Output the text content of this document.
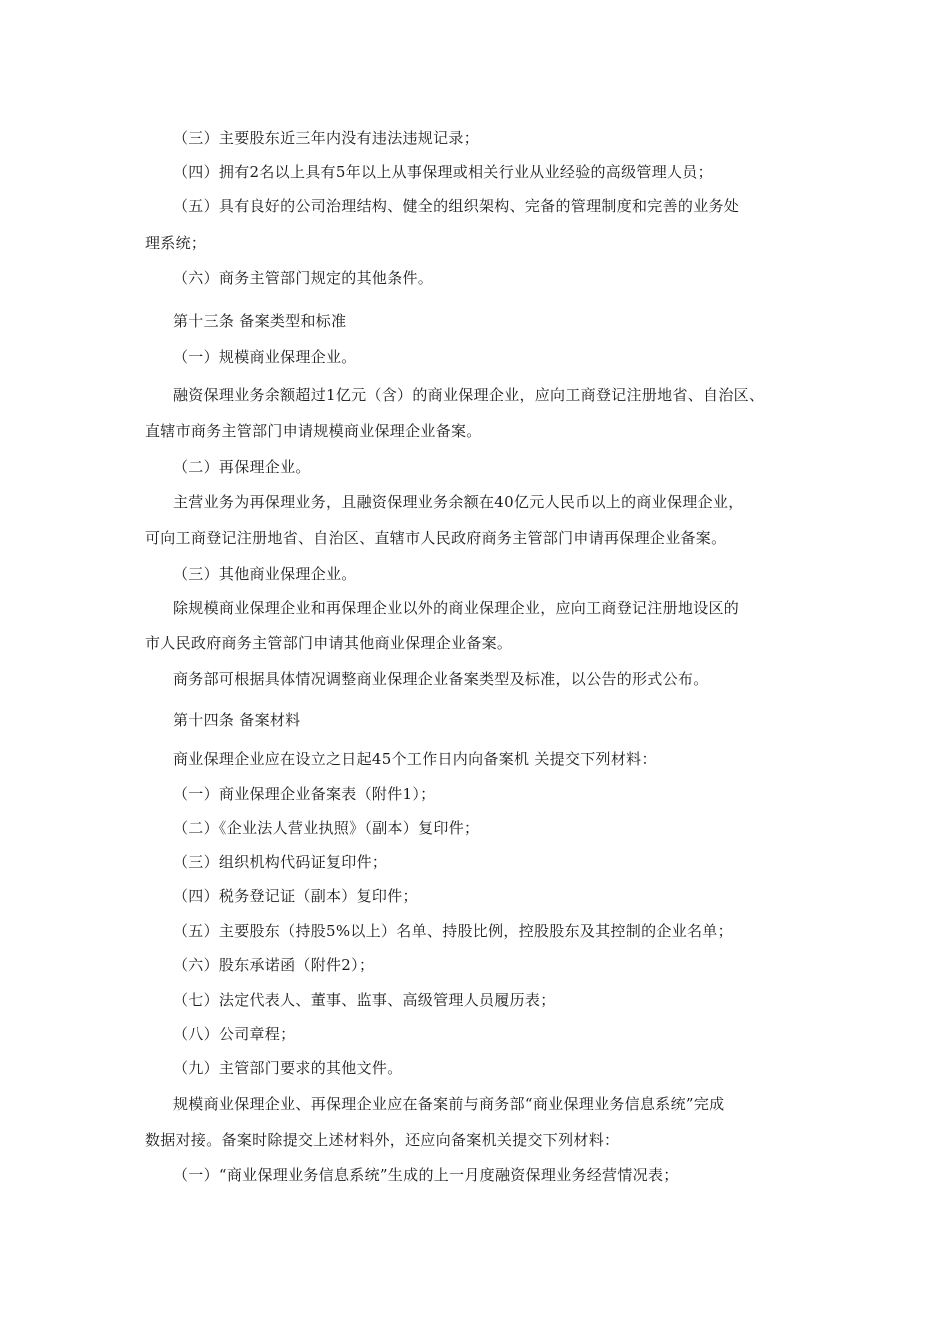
（三）主要股东近三年内没有违法违规记录；
（四）拥有2名以上具有5年以上从事保理或相关行业从业经验的高级管理人员；
（五）具有良好的公司治理结构、健全的组织架构、完备的管理制度和完善的业务处
理系统；
（六）商务主管部门规定的其他条件。
第十三条 备案类型和标准
（一）规模商业保理企业。
融资保理业务余额超过1亿元（含）的商业保理企业，应向工商登记注册地省、自治区、
直辖市商务主管部门申请规模商业保理企业备案。
（二）再保理企业。
主营业务为再保理业务，且融资保理业务余额在40亿元人民币以上的商业保理企业，
可向工商登记注册地省、自治区、直辖市人民政府商务主管部门申请再保理企业备案。
（三）其他商业保理企业。
除规模商业保理企业和再保理企业以外的商业保理企业，应向工商登记注册地设区的
市人民政府商务主管部门申请其他商业保理企业备案。
商务部可根据具体情况调整商业保理企业备案类型及标准，以公告的形式公布。
第十四条 备案材料
商业保理企业应在设立之日起45个工作日内向备案机 关提交下列材料：
（一）商业保理企业备案表（附件1）；
（二）《企业法人营业执照》（副本）复印件；
（三）组织机构代码证复印件；
（四）税务登记证（副本）复印件；
（五）主要股东（持股5%以上）名单、持股比例，控股股东及其控制的企业名单；
（六）股东承诺函（附件2）；
（七）法定代表人、董事、监事、高级管理人员履历表；
（八）公司章程；
（九）主管部门要求的其他文件。
规模商业保理企业、再保理企业应在备案前与商务部“商业保理业务信息系统”完成
数据对接。备案时除提交上述材料外，还应向备案机关提交下列材料：
（一）“商业保理业务信息系统”生成的上一月度融资保理业务经营情况表；
